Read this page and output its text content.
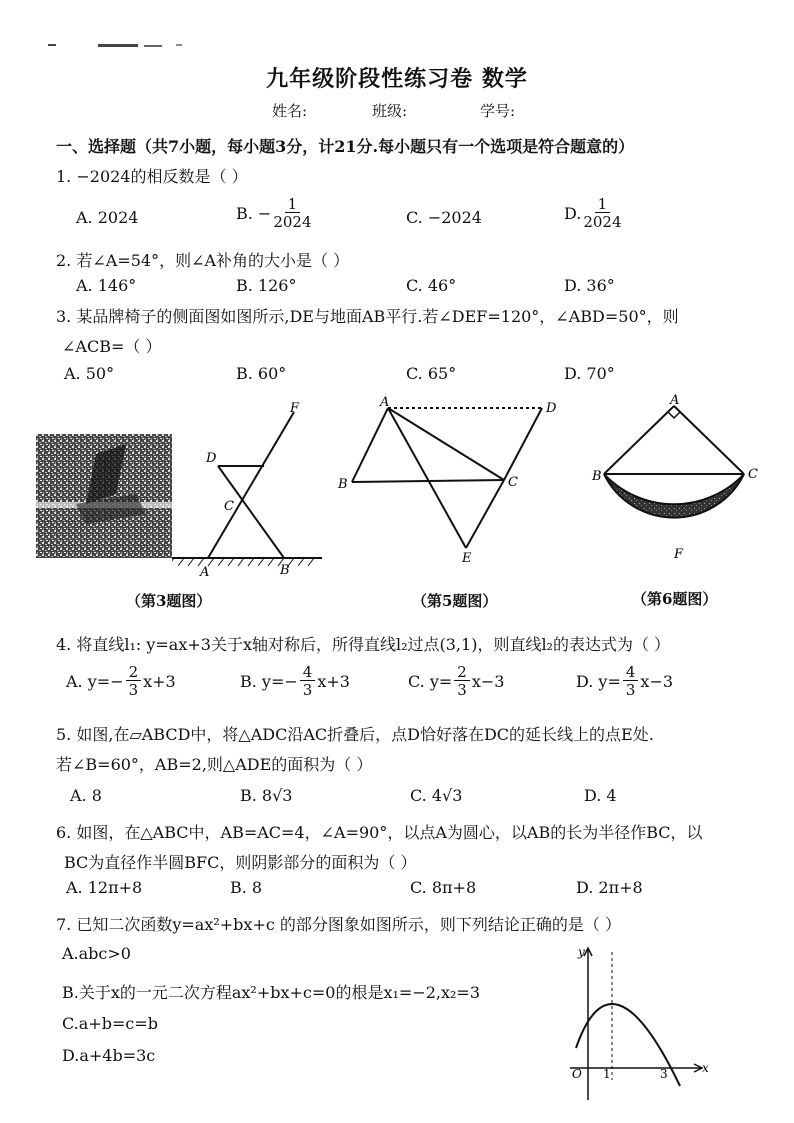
九年级阶段性练习卷 数学
姓名:	班级:	学号:
一、选择题（共7小题，每小题3分，计21分.每小题只有一个选项是符合题意的）
1. −2024的相反数是（ ）
A. 2024	B. − $\frac{1}{2024}$	C. −2024	D. $\frac{1}{2024}$
2. 若∠A=54°，则∠A补角的大小是（ ）
A. 146°	B. 126°	C. 46°	D. 36°
3. 某品牌椅子的侧面图如图所示,DE与地面AB平行.若∠DEF=120°，∠ABD=50°，则
∠ACB=（ ）
A. 50°	B. 60°	C. 65°	D. 70°
F
D
C
A	B
A	D
B	C
E
A
B	C
F
（第3题图）	（第5题图）	（第6题图）
4. 将直线l₁: y=ax+3关于x轴对称后，所得直线l₂过点(3,1)，则直线l₂的表达式为（ ）
A. $y=- \frac{2}{3} x+3$	B. $y=- \frac{4}{3} x+3$	C. $y= \frac{2}{3} x-3$	D. $y= \frac{4}{3} x-3$
5. 如图,在▱ABCD中，将△ADC沿AC折叠后，点D恰好落在DC的延长线上的点E处.
若∠B=60°，AB=2,则△ADE的面积为（ ）
A. 8	B. 8√3	C. 4√3	D. 4
6. 如图，在△ABC中，AB=AC=4，∠A=90°，以点A为圆心，以AB的长为半径作BC，以
BC为直径作半圆BFC，则阴影部分的面积为（ ）
A. 12π+8	B. 8	C. 8π+8	D. 2π+8
7. 已知二次函数y=ax²+bx+c 的部分图象如图所示，则下列结论正确的是（ ）
A.abc>0
B.关于x的一元二次方程ax²+bx+c=0的根是x₁=−2,x₂=3
C.a+b=c=b
D.a+4b=3c
y
x
O 1	3
